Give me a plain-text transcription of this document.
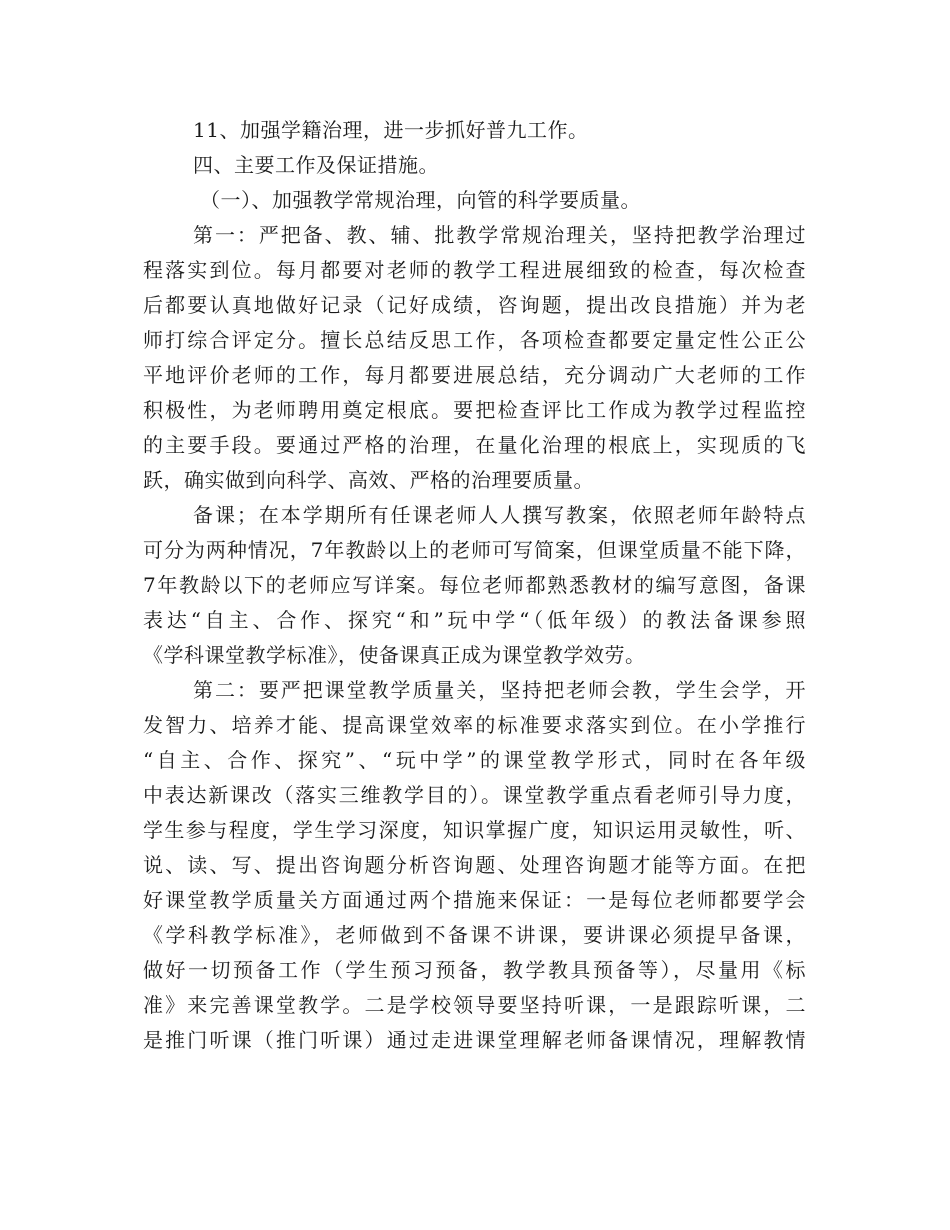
11、加强学籍治理，进一步抓好普九工作。
四、主要工作及保证措施。
（一）、加强教学常规治理，向管的科学要质量。
第一：严把备、教、辅、批教学常规治理关，坚持把教学治理过
程落实到位。每月都要对老师的教学工程进展细致的检查，每次检查
后都要认真地做好记录（记好成绩，咨询题，提出改良措施）并为老
师打综合评定分。擅长总结反思工作，各项检查都要定量定性公正公
平地评价老师的工作，每月都要进展总结，充分调动广大老师的工作
积极性，为老师聘用奠定根底。要把检查评比工作成为教学过程监控
的主要手段。要通过严格的治理，在量化治理的根底上，实现质的飞
跃，确实做到向科学、高效、严格的治理要质量。
备课；在本学期所有任课老师人人撰写教案，依照老师年龄特点
可分为两种情况，7年教龄以上的老师可写简案，但课堂质量不能下降，
7年教龄以下的老师应写详案。每位老师都熟悉教材的编写意图，备课
表达“自主、合作、探究“和”玩中学“（低年级）的教法备课参照
《学科课堂教学标准》，使备课真正成为课堂教学效劳。
第二：要严把课堂教学质量关，坚持把老师会教，学生会学，开
发智力、培养才能、提高课堂效率的标准要求落实到位。在小学推行
“自主、合作、探究”、“玩中学”的课堂教学形式，同时在各年级
中表达新课改（落实三维教学目的）。课堂教学重点看老师引导力度，
学生参与程度，学生学习深度，知识掌握广度，知识运用灵敏性，听、
说、读、写、提出咨询题分析咨询题、处理咨询题才能等方面。在把
好课堂教学质量关方面通过两个措施来保证：一是每位老师都要学会
《学科教学标准》，老师做到不备课不讲课，要讲课必须提早备课，
做好一切预备工作（学生预习预备，教学教具预备等），尽量用《标
准》来完善课堂教学。二是学校领导要坚持听课，一是跟踪听课，二
是推门听课（推门听课）通过走进课堂理解老师备课情况，理解教情
